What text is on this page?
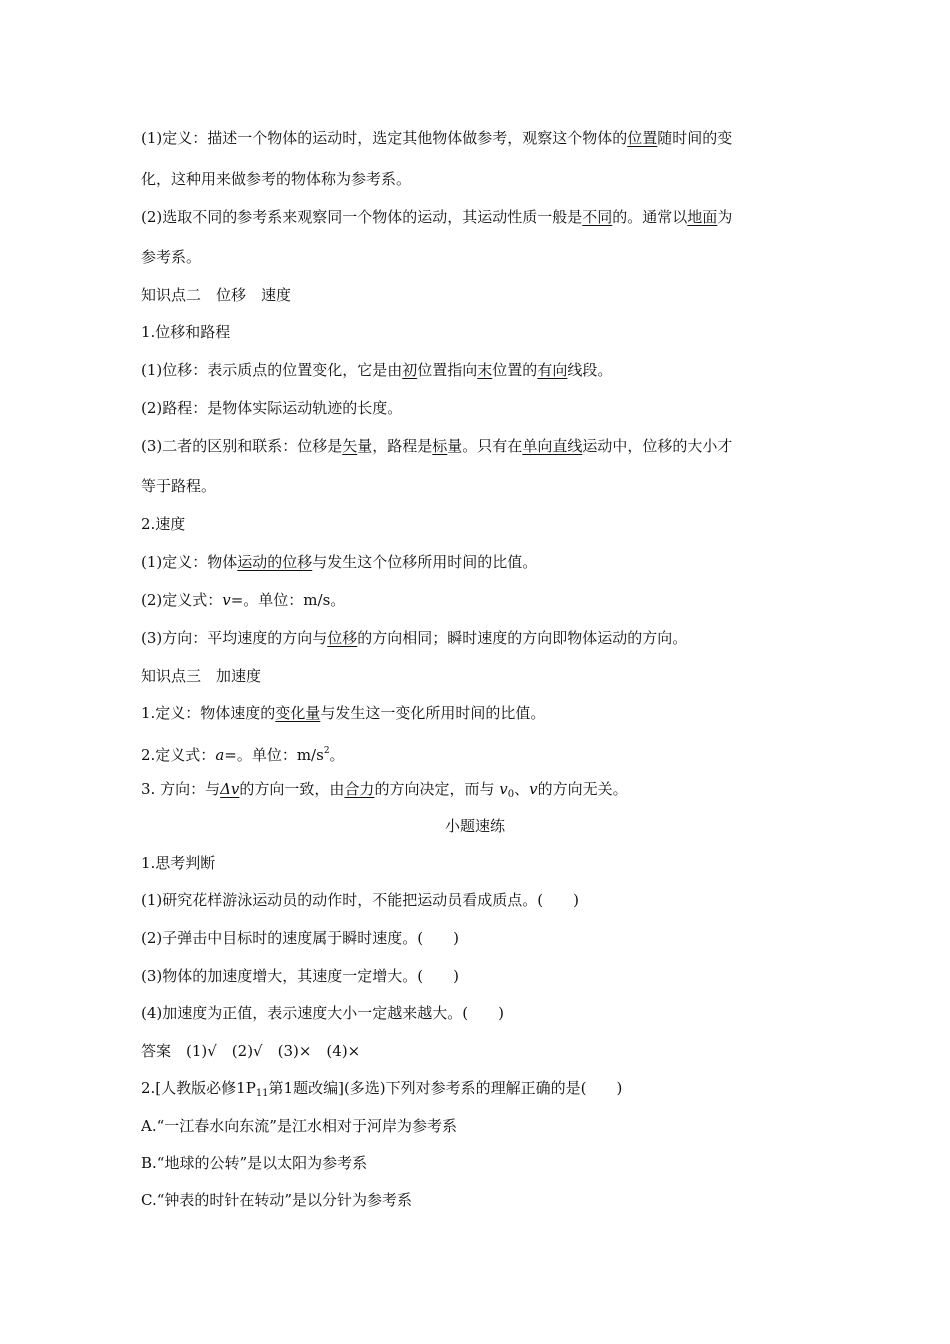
(1)定义：描述一个物体的运动时，选定其他物体做参考，观察这个物体的位置随时间的变
化，这种用来做参考的物体称为参考系。
(2)选取不同的参考系来观察同一个物体的运动，其运动性质一般是不同的。通常以地面为
参考系。
知识点二　位移　速度
1.位移和路程
(1)位移：表示质点的位置变化，它是由初位置指向末位置的有向线段。
(2)路程：是物体实际运动轨迹的长度。
(3)二者的区别和联系：位移是矢量，路程是标量。只有在单向直线运动中，位移的大小才
等于路程。
2.速度
(1)定义：物体运动的位移与发生这个位移所用时间的比值。
(2)定义式：v=。单位：m/s。
(3)方向：平均速度的方向与位移的方向相同；瞬时速度的方向即物体运动的方向。
知识点三　加速度
1.定义：物体速度的变化量与发生这一变化所用时间的比值。
2.定义式：a=。单位：$m/s^2$。
3. 方向：与Δv的方向一致，由合力的方向决定，而与 $v_0$、v的方向无关。
小题速练
1.思考判断
(1)研究花样游泳运动员的动作时，不能把运动员看成质点。(　　)
(2)子弹击中目标时的速度属于瞬时速度。(　　)
(3)物体的加速度增大，其速度一定增大。(　　)
(4)加速度为正值，表示速度大小一定越来越大。(　　)
答案　(1)√　(2)√　(3)×　(4)×
2.[人教版必修$1P_{11}$第1题改编](多选)下列对参考系的理解正确的是(　　)
A.“一江春水向东流”是江水相对于河岸为参考系
B.“地球的公转”是以太阳为参考系
C.“钟表的时针在转动”是以分针为参考系
